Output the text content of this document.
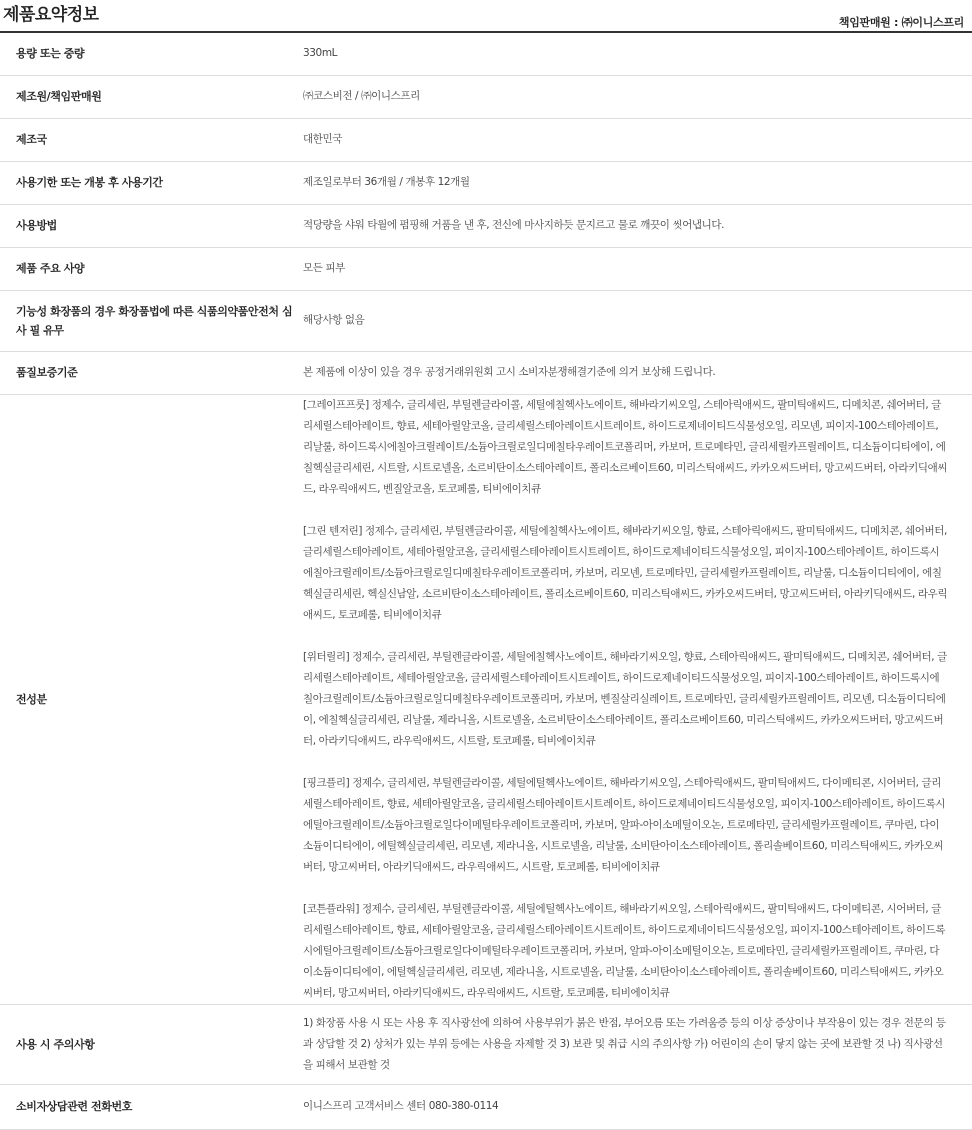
제품요약정보	책임판매원 : ㈜이니스프리
용량 또는 중량	330mL
제조원/책임판매원	㈜코스비전 / ㈜이니스프리
제조국	대한민국
사용기한 또는 개봉 후 사용기간	제조일로부터 36개월 / 개봉후 12개월
사용방법	적당량을 샤워 타월에 펌핑해 거품을 낸 후, 전신에 마사지하듯 문지르고 물로 깨끗이 씻어냅니다.
제품 주요 사양	모든 피부
기능성 화장품의 경우 화장품법에 따른 식품의약품안전처 심사 필 유무	해당사항 없음
품질보증기준	본 제품에 이상이 있을 경우 공정거래위원회 고시 소비자분쟁해결기준에 의거 보상해 드립니다.
전성분	[그레이프프룻] 정제수, 글리세린, 부틸렌글라이콜, 세틸에칠헥사노에이트, 해바라기씨오일, 스테아릭애씨드, 팔미틱애씨드, 디메치콘, 쉐어버터, 글리세릴스테아레이트, 향료, 세테아릴알코올, 글리세릴스테아레이트시트레이트, 하이드로제네이티드식물성오일, 리모넨, 피이지-100스테아레이트, 리날룰, 하이드록시에칠아크릴레이트/소듐아크릴로일디메칠타우레이트코폴리머, 카보머, 트로메타민, 글리세릴카프릴레이트, 디소듐이디티에이, 에칠헥실글리세린, 시트랄, 시트로넬올, 소르비탄이소스테아레이트, 폴리소르베이트60, 미리스틱애씨드, 카카오씨드버터, 망고씨드버터, 아라키딕애씨드, 라우릭애씨드, 벤질알코올, 토코페롤, 티비에이치큐
[그린 텐저린] 정제수, 글리세린, 부틸렌글라이콜, 세틸에칠헥사노에이트, 해바라기씨오일, 향료, 스테아릭애씨드, 팔미틱애씨드, 디메치콘, 쉐어버터, 글리세릴스테아레이트, 세테아릴알코올, 글리세릴스테아레이트시트레이트, 하이드로제네이티드식물성오일, 피이지-100스테아레이트, 하이드록시에칠아크릴레이트/소듐아크릴로일디메칠타우레이트코폴리머, 카보머, 리모넨, 트로메타민, 글리세릴카프릴레이트, 리날룰, 디소듐이디티에이, 에칠헥실글리세린, 헥실신남알, 소르비탄이소스테아레이트, 폴리소르베이트60, 미리스틱애씨드, 카카오씨드버터, 망고씨드버터, 아라키딕애씨드, 라우릭애씨드, 토코페롤, 티비에이치큐
[위터릴리] 정제수, 글리세린, 부틸렌글라이콜, 세틸에칠헥사노에이트, 해바라기씨오일, 향료, 스테아릭애씨드, 팔미틱애씨드, 디메치콘, 쉐어버터, 글리세릴스테아레이트, 세테아릴알코올, 글리세릴스테아레이트시트레이트, 하이드로제네이티드식물성오일, 피이지-100스테아레이트, 하이드록시에칠아크릴레이트/소듐아크릴로일디메칠타우레이트코폴리머, 카보머, 벤질살리실레이트, 트로메타민, 글리세릴카프릴레이트, 리모넨, 디소듐이디티에이, 에칠헥실글리세린, 리날룰, 제라니올, 시트로넬올, 소르비탄이소스테아레이트, 폴리소르베이트60, 미리스틱애씨드, 카카오씨드버터, 망고씨드버터, 아라키딕애씨드, 라우릭애씨드, 시트랄, 토코페롤, 티비에이치큐
[핑크플리] 정제수, 글리세린, 부틸렌글라이콜, 세틸에틸헥사노에이트, 해바라기씨오일, 스테아릭애씨드, 팔미틱애씨드, 다이메티콘, 시어버터, 글리세릴스테아레이트, 향료, 세테아릴알코올, 글리세릴스테아레이트시트레이트, 하이드로제네이티드식물성오일, 피이지-100스테아레이트, 하이드록시에틸아크릴레이트/소듐아크릴로일다이메틸타우레이트코폴리머, 카보머, 알파-아이소메틸이오논, 트로메타민, 글리세릴카프릴레이트, 쿠마린, 다이소듐이디티에이, 에틸헥실글리세린, 리모넨, 제라니올, 시트로넬올, 리날룰, 소비탄아이소스테아레이트, 폴리솔베이트60, 미리스틱애씨드, 카카오씨버터, 망고씨버터, 아라키딕애씨드, 라우릭애씨드, 시트랄, 토코페롤, 티비에이치큐
[코튼플라워] 정제수, 글리세린, 부틸렌글라이콜, 세틸에틸헥사노에이트, 해바라기씨오일, 스테아릭애씨드, 팔미틱애씨드, 다이메티콘, 시어버터, 글리세릴스테아레이트, 향료, 세테아릴알코올, 글리세릴스테아레이트시트레이트, 하이드로제네이티드식물성오일, 피이지-100스테아레이트, 하이드록시에틸아크릴레이트/소듐아크릴로일다이메틸타우레이트코폴리머, 카보머, 알파-아이소메틸이오논, 트로메타민, 글리세릴카프릴레이트, 쿠마린, 다이소듐이디티에이, 에틸헥실글리세린, 리모넨, 제라니올, 시트로넬올, 리날룰, 소비탄아이소스테아레이트, 폴리솔베이트60, 미리스틱애씨드, 카카오씨버터, 망고씨버터, 아라키딕애씨드, 라우릭애씨드, 시트랄, 토코페롤, 티비에이치큐

사용 시 주의사항	1) 화장품 사용 시 또는 사용 후 직사광선에 의하여 사용부위가 붉은 반점, 부어오름 또는 가려움증 등의 이상 증상이나 부작용이 있는 경우 전문의 등과 상담할 것 2) 상처가 있는 부위 등에는 사용을 자제할 것 3) 보관 및 취급 시의 주의사항 가) 어린이의 손이 닿지 않는 곳에 보관할 것 나) 직사광선을 피해서 보관할 것
소비자상담관련 전화번호	이니스프리 고객서비스 센터 080-380-0114
